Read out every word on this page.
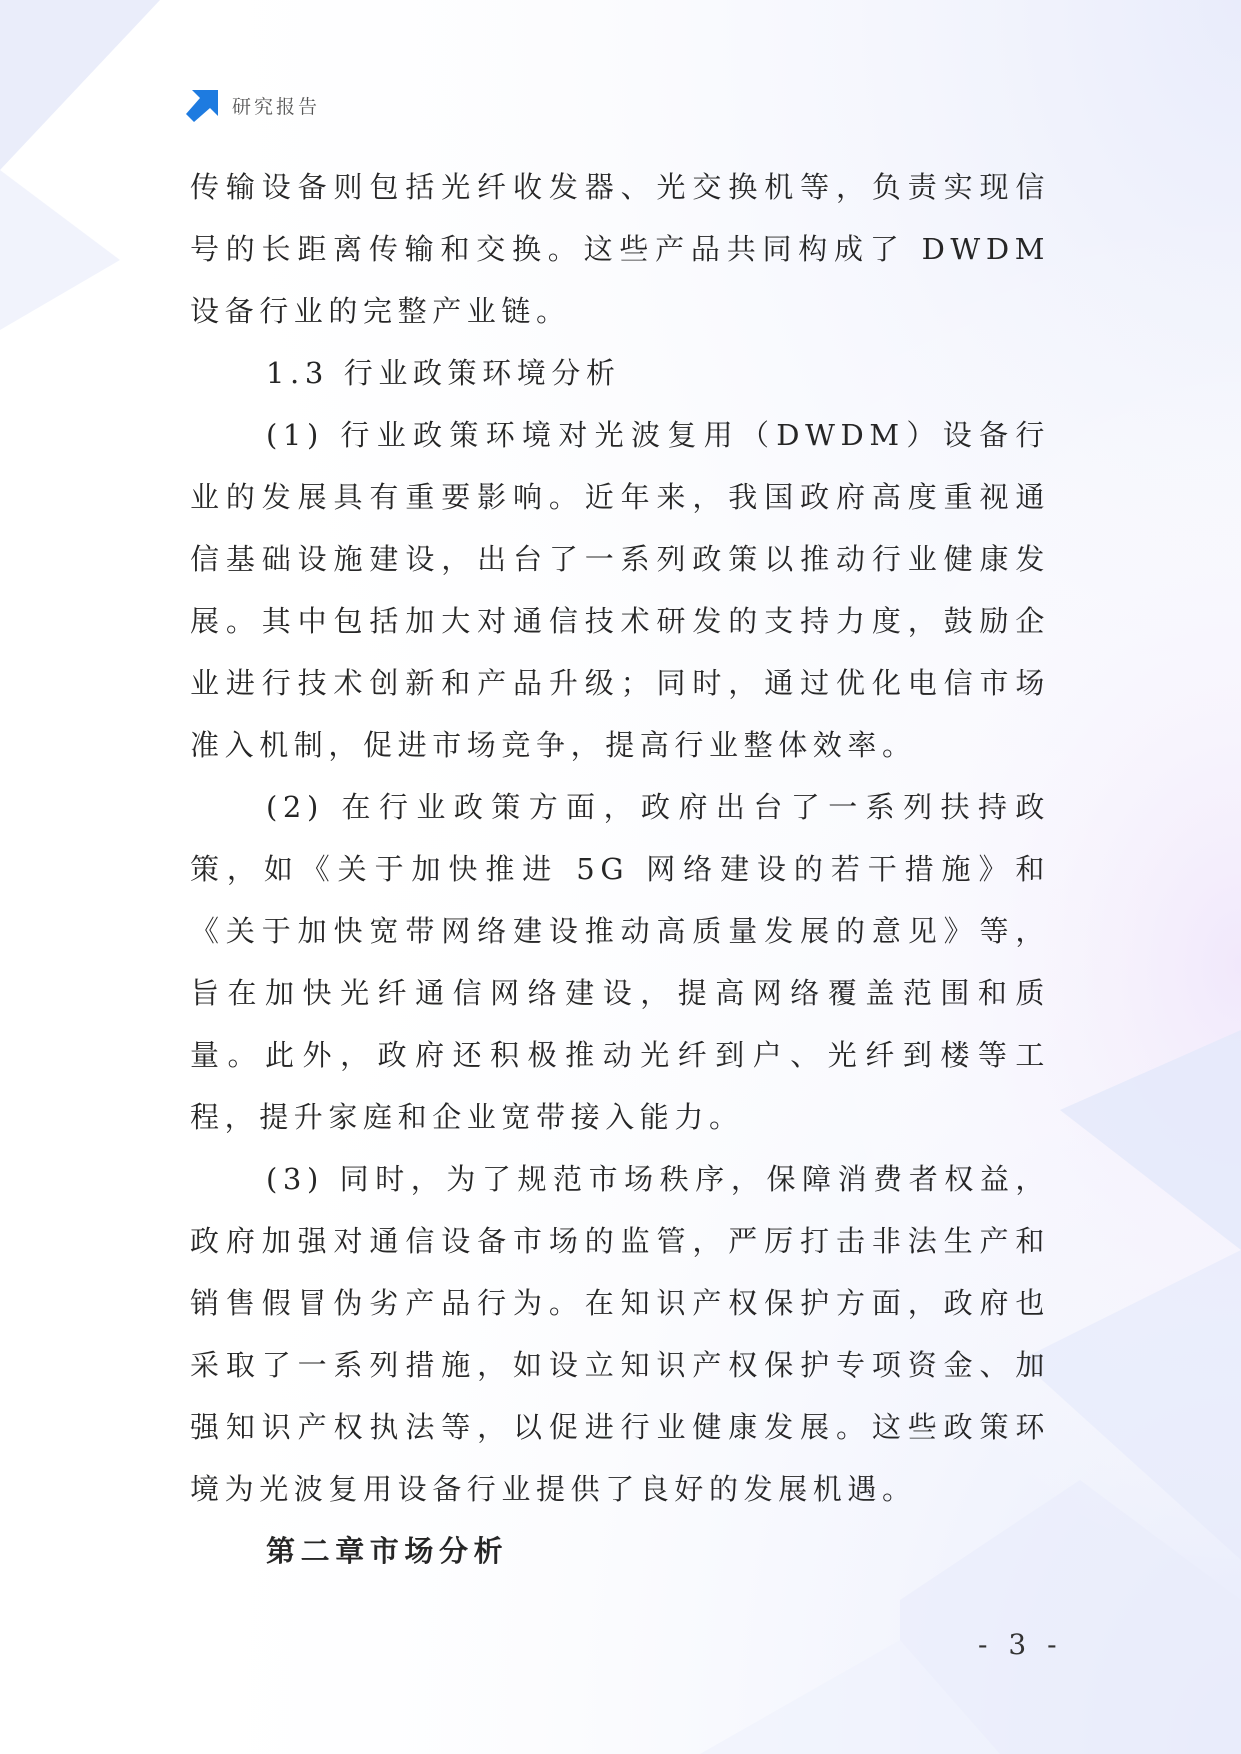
研究报告

传输设备则包括光纤收发器、光交换机等，负责实现信号的长距离传输和交换。这些产品共同构成了 DWDM 设备行业的完整产业链。

1.3 行业政策环境分析

(1) 行业政策环境对光波复用（DWDM）设备行业的发展具有重要影响。近年来，我国政府高度重视通信基础设施建设，出台了一系列政策以推动行业健康发展。其中包括加大对通信技术研发的支持力度，鼓励企业进行技术创新和产品升级；同时，通过优化电信市场准入机制，促进市场竞争，提高行业整体效率。

(2) 在行业政策方面，政府出台了一系列扶持政策，如《关于加快推进 5G 网络建设的若干措施》和《关于加快宽带网络建设推动高质量发展的意见》等，旨在加快光纤通信网络建设，提高网络覆盖范围和质量。此外，政府还积极推动光纤到户、光纤到楼等工程，提升家庭和企业宽带接入能力。

(3) 同时，为了规范市场秩序，保障消费者权益，政府加强对通信设备市场的监管，严厉打击非法生产和销售假冒伪劣产品行为。在知识产权保护方面，政府也采取了一系列措施，如设立知识产权保护专项资金、加强知识产权执法等，以促进行业健康发展。这些政策环境为光波复用设备行业提供了良好的发展机遇。

第二章市场分析

- 3 -
